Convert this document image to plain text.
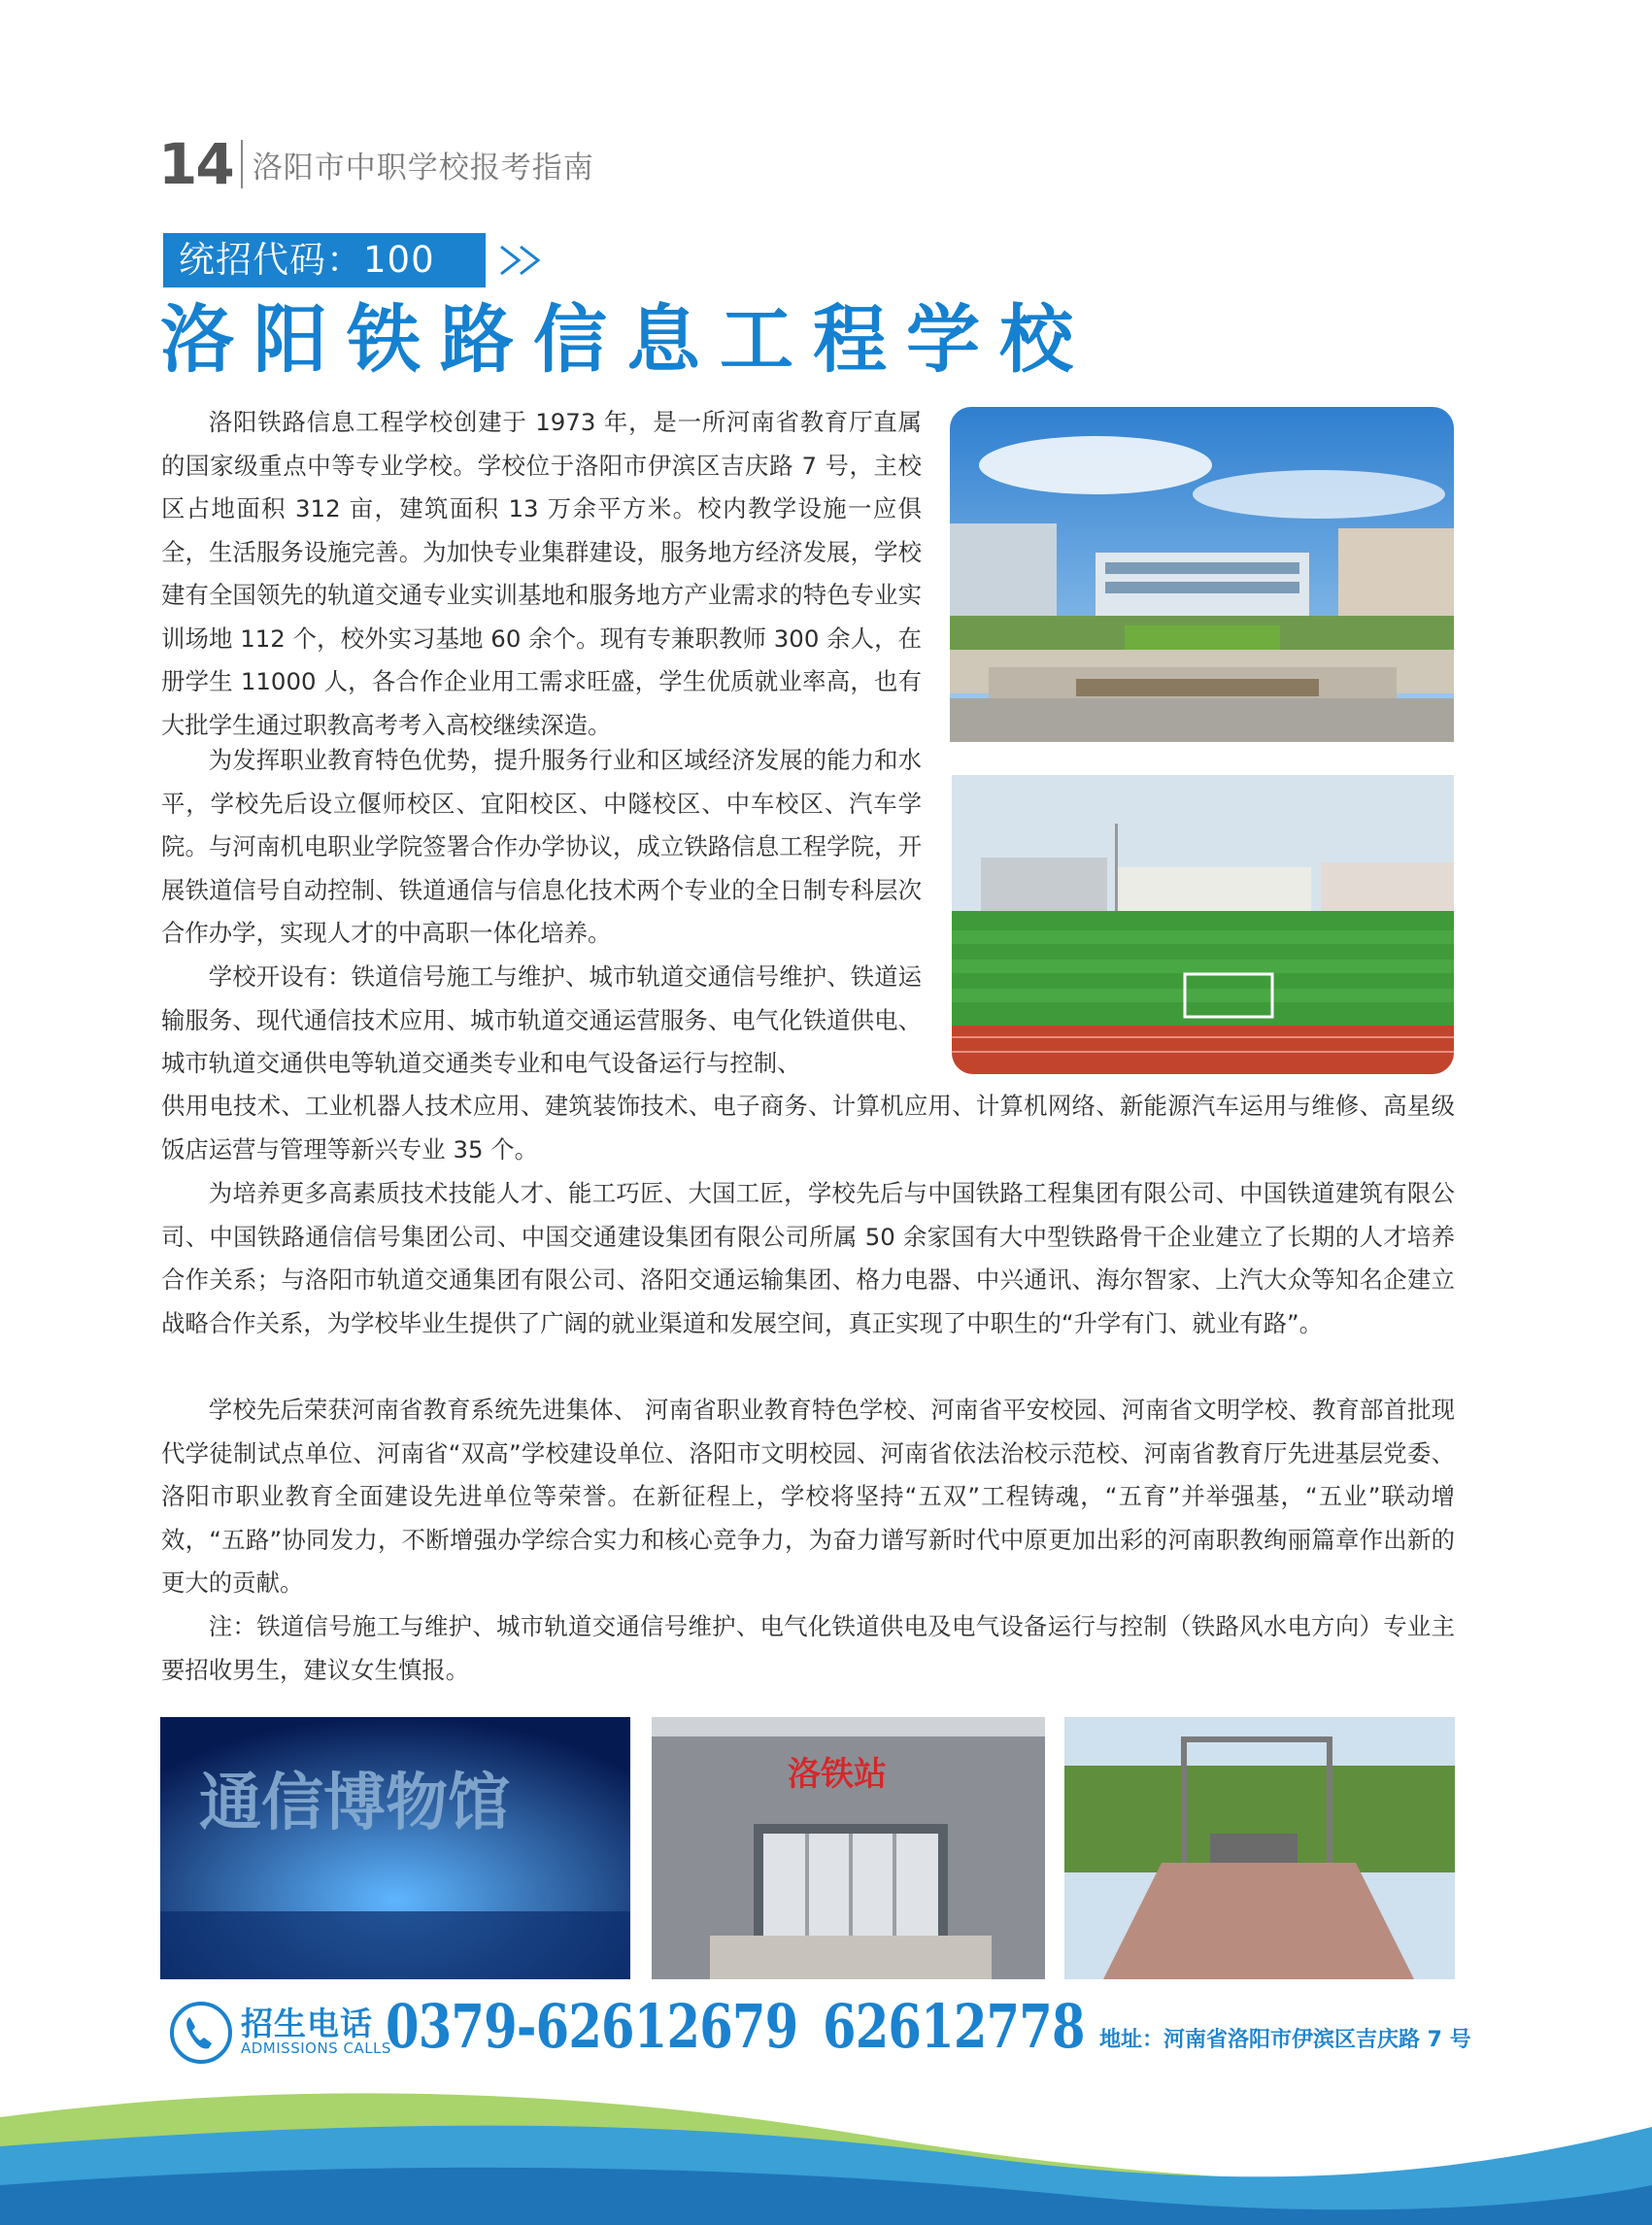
14 洛阳市中职学校报考指南
统招代码：100
洛阳铁路信息工程学校
洛阳铁路信息工程学校创建于 1973 年，是一所河南省教育厅直属的国家级重点中等专业学校。学校位于洛阳市伊滨区吉庆路 7 号，主校区占地面积 312 亩，建筑面积 13 万余平方米。校内教学设施一应俱全，生活服务设施完善。为加快专业集群建设，服务地方经济发展，学校建有全国领先的轨道交通专业实训基地和服务地方产业需求的特色专业实训场地 112 个，校外实习基地 60 余个。现有专兼职教师 300 余人，在册学生 11000 人，各合作企业用工需求旺盛，学生优质就业率高，也有大批学生通过职教高考考入高校继续深造。
为发挥职业教育特色优势，提升服务行业和区域经济发展的能力和水平，学校先后设立偃师校区、宜阳校区、中隧校区、中车校区、汽车学院。与河南机电职业学院签署合作办学协议，成立铁路信息工程学院，开展铁道信号自动控制、铁道通信与信息化技术两个专业的全日制专科层次合作办学，实现人才的中高职一体化培养。
学校开设有：铁道信号施工与维护、城市轨道交通信号维护、铁道运输服务、现代通信技术应用、城市轨道交通运营服务、电气化铁道供电、城市轨道交通供电等轨道交通类专业和电气设备运行与控制、
供用电技术、工业机器人技术应用、建筑装饰技术、电子商务、计算机应用、计算机网络、新能源汽车运用与维修、高星级饭店运营与管理等新兴专业 35 个。
为培养更多高素质技术技能人才、能工巧匠、大国工匠，学校先后与中国铁路工程集团有限公司、中国铁道建筑有限公司、中国铁路通信信号集团公司、中国交通建设集团有限公司所属 50 余家国有大中型铁路骨干企业建立了长期的人才培养合作关系；与洛阳市轨道交通集团有限公司、洛阳交通运输集团、格力电器、中兴通讯、海尔智家、上汽大众等知名企建立战略合作关系，为学校毕业生提供了广阔的就业渠道和发展空间，真正实现了中职生的“升学有门、就业有路”。
学校先后荣获河南省教育系统先进集体、 河南省职业教育特色学校、河南省平安校园、河南省文明学校、教育部首批现代学徒制试点单位、河南省“双高”学校建设单位、洛阳市文明校园、河南省依法治校示范校、河南省教育厅先进基层党委、洛阳市职业教育全面建设先进单位等荣誉。在新征程上，学校将坚持“五双”工程铸魂，“五育”并举强基，“五业”联动增效，“五路”协同发力，不断增强办学综合实力和核心竞争力，为奋力谱写新时代中原更加出彩的河南职教绚丽篇章作出新的更大的贡献。
注：铁道信号施工与维护、城市轨道交通信号维护、电气化铁道供电及电气设备运行与控制（铁路风水电方向）专业主要招收男生，建议女生慎报。
通信博物馆	洛铁站
招生电话
ADMISSIONS CALLS
0379-62612679 62612778 地址：河南省洛阳市伊滨区吉庆路 7 号
